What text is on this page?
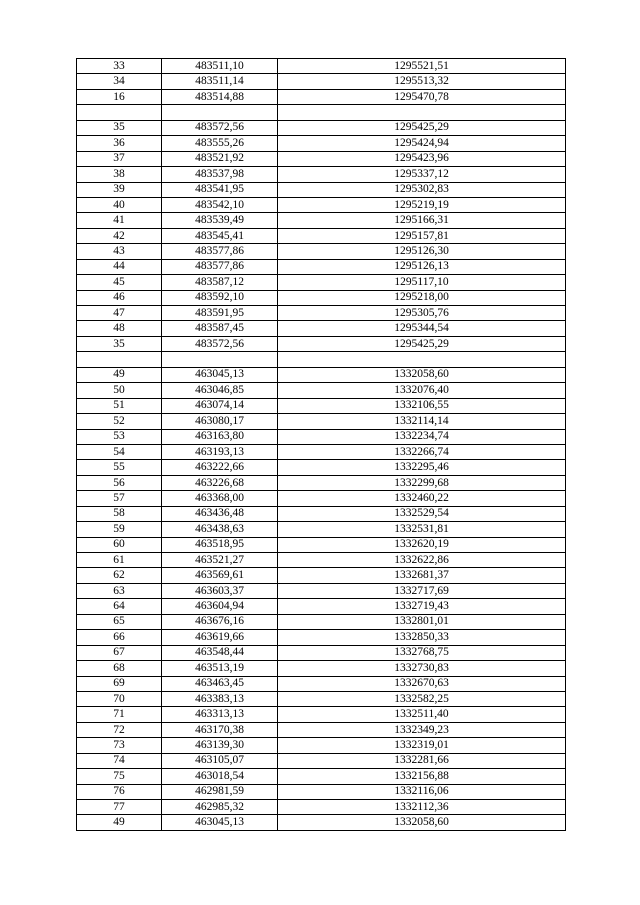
33	483511,10	1295521,51
34	483511,14	1295513,32
16	483514,88	1295470,78

35	483572,56	1295425,29
36	483555,26	1295424,94
37	483521,92	1295423,96
38	483537,98	1295337,12
39	483541,95	1295302,83
40	483542,10	1295219,19
41	483539,49	1295166,31
42	483545,41	1295157,81
43	483577,86	1295126,30
44	483577,86	1295126,13
45	483587,12	1295117,10
46	483592,10	1295218,00
47	483591,95	1295305,76
48	483587,45	1295344,54
35	483572,56	1295425,29

49	463045,13	1332058,60
50	463046,85	1332076,40
51	463074,14	1332106,55
52	463080,17	1332114,14
53	463163,80	1332234,74
54	463193,13	1332266,74
55	463222,66	1332295,46
56	463226,68	1332299,68
57	463368,00	1332460,22
58	463436,48	1332529,54
59	463438,63	1332531,81
60	463518,95	1332620,19
61	463521,27	1332622,86
62	463569,61	1332681,37
63	463603,37	1332717,69
64	463604,94	1332719,43
65	463676,16	1332801,01
66	463619,66	1332850,33
67	463548,44	1332768,75
68	463513,19	1332730,83
69	463463,45	1332670,63
70	463383,13	1332582,25
71	463313,13	1332511,40
72	463170,38	1332349,23
73	463139,30	1332319,01
74	463105,07	1332281,66
75	463018,54	1332156,88
76	462981,59	1332116,06
77	462985,32	1332112,36
49	463045,13	1332058,60
